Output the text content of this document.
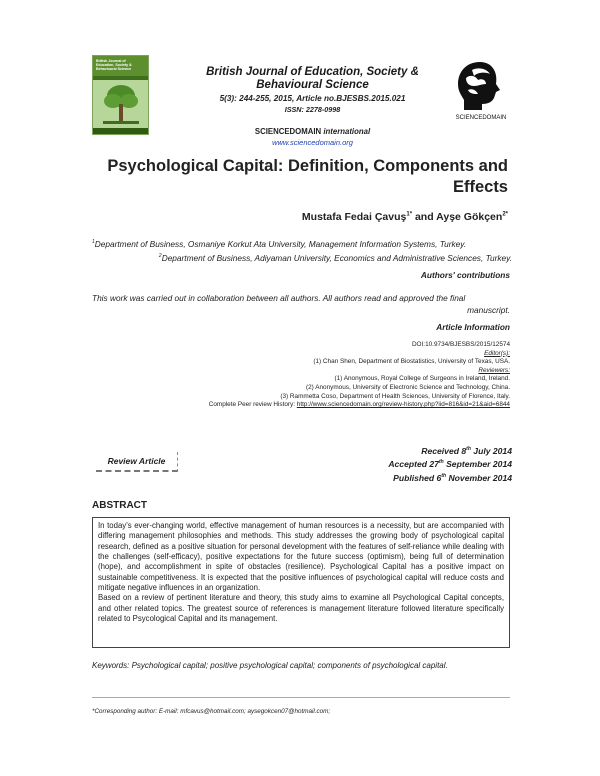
British Journal of
Education, Society &
Behavioural Science	British Journal of Education, Society &
Behavioural Science
5(3): 244-255, 2015, Article no.BJESBS.2015.021
ISSN: 2278-0998
SCIENCEDOMAIN international
www.sciencedomain.org
SCIENCEDOMAIN
Psychological Capital: Definition, Components and
Effects
Mustafa Fedai Çavuş$^{1*}$ and Ayşe Gökçen$^{2*}$
$^1$Department of Business, Osmaniye Korkut Ata University, Management Information Systems, Turkey.
$^2$Department of Business, Adiyaman University, Economics and Administrative Sciences, Turkey.
Authors' contributions
This work was carried out in collaboration between all authors. All authors read and approved the final
manuscript.
Article Information
DOI:10.9734/BJESBS/2015/12574
Editor(s):
(1) Chan Shen, Department of Biostatistics, University of Texas, USA.
Reviewers:
(1) Anonymous, Royal College of Surgeons in Ireland, Ireland.
(2) Anonymous, University of Electronic Science and Technology, China.
(3) Rammetta Coso, Department of Health Sciences, University of Florence, Italy.
Complete Peer review History: http://www.sciencedomain.org/review-history.php?iid=816&id=21&aid=6844
Review Article
Received 8th July 2014
Accepted 27th September 2014
Published 6th November 2014
ABSTRACT

In today's ever-changing world, effective management of human resources is a necessity, but are accompanied with differing management philosophies and methods. This study addresses the growing body of psychological capital research, defined as a positive situation for personal development with the features of self-reliance while dealing with the challenges (self-efficacy), positive expectations for the future success (optimism), being full of determination (hope), and accomplishment in spite of obstacles (resilience). Psychological Capital has a positive impact on sustainable competitiveness. It is expected that the positive influences of psychological capital will reduce costs and mitigate negative influences in an organization.

Based on a review of pertinent literature and theory, this study aims to examine all Psychological Capital concepts, and other related topics. The greatest source of references is management literature followed literature specifically related to Psycological Capital and its management.

Keywords: Psychological capital; positive psychological capital; components of psychological capital.
*Corresponding author: E-mail: mfcavus@hotmail.com; aysegokcen07@hotmail.com;
